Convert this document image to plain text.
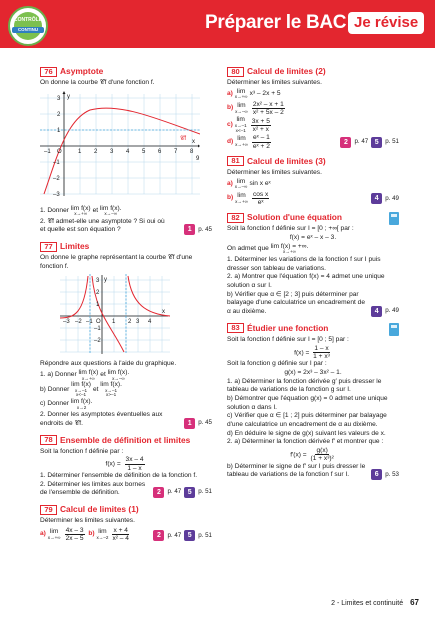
CONTRÔLE
CONTINU	Préparer le BAC Je révise
76 Asymptote

On donne la courbe 𝒞f d'une fonction f.

y
x
𝒞f
–1 O	1 2 3 4 5 6 7 8
9
3
2
1
–1
–2
–3
1. Donner
lim f(x)
x→+∞ et
lim f(x).
x→–∞

2. 𝒞f admet-elle une asymptote ? Si oui où et quelle est son équation ?	1	p. 45
77 Limites

On donne le graphe représentant la courbe 𝒞f d'une fonction f.

y
x
–3 –2 –1 O 1 2 3 4
3
2
1
–1
–2

Répondre aux questions à l'aide du graphique.

1. a) Donner
lim f(x)
x→+∞ et
lim f(x).
x→–∞
b) Donner

lim f(x)
x→–1
x<–1
et

lim f(x).
x→–1
x>–1
c) Donner
lim f(x).
x→2

2. Donner les asymptotes éventuelles aux endroits de 𝒞f.	1	p. 45
78 Ensemble de définition et limites

Soit la fonction f définie par :

$f(x) = \frac{3x - 4}{1 - x}$

1. Déterminer l'ensemble de définition de la fonction f.

2. Déterminer les limites aux bornes de l'ensemble de définition.	2	p. 47 5	p. 51
79 Calcul de limites (1)

Déterminer les limites suivantes.

a)
lim
$x\to+\infty \frac{4x - 3}{2x - 5}$
b)
lim
$x\to-2 \frac{x + 4}{\text{x² – 4}}$	2	p. 47 5	p. 51
80 Calcul de limites (2)

Déterminer les limites suivantes.

a)
lim
x→+∞ x³ – 2x + 5
b)
lim
$x\to-\infty \frac{\text{2x² – x + 1}}{\text{x² + 5x – 2}}$
c)

lim
x→–1
$x<-1 \frac{3x + 5}{\text{x² + x}}$
d)
lim
$x\to+\infty \frac{\text{eˣ – 1}}{\text{eˣ + 2}}$	2	p. 47 5	p. 51
81 Calcul de limites (3)

Déterminer les limites suivantes.

a)
lim
x→–∞ sin x eˣ
b)
lim
$x\to+\infty \frac{\text{cos x}}{\text{eˣ}}$	4	p. 49
82 Solution d'une équation

Soit la fonction f définie sur I = [0 ; +∞[ par :

f(x) = eˣ – x – 3.

On admet que
lim f(x) = +∞.
x→+∞

1. Déterminer les variations de la fonction f sur I puis dresser son tableau de variations.

2. a) Montrer que l'équation f(x) = 4 admet une unique solution α sur I.

b) Vérifier que α ∈ [2 ; 3] puis déterminer par balayage d'une calculatrice un encadrement de α au dixième.	4	p. 49
83 Étudier une fonction

Soit la fonction f définie sur I = [0 ; 5] par :

$f(x) = \frac{1 - x}{\text{1 + x³}}$

Soit la fonction g définie sur I par :

g(x) = 2x³ – 3x² – 1.

1. a) Déterminer la fonction dérivée g′ puis dresser le tableau de variations de la fonction g sur I.

b) Démontrer que l'équation g(x) = 0 admet une unique solution α dans I.

c) Vérifier que α ∈ [1 ; 2] puis déterminer par balayage d'une calculatrice un encadrement de α au dixième.

d) En déduire le signe de g(x) suivant les valeurs de x.

2. a) Déterminer la fonction dérivée f′ et montrer que :

$f'(x) = \frac{g(x)}{\text{(1 + x³)²}}$

b) Déterminer le signe de f′ sur I puis dresser le tableau de variations de la fonction f sur I.	6	p. 53
2 - Limites et continuité 67
